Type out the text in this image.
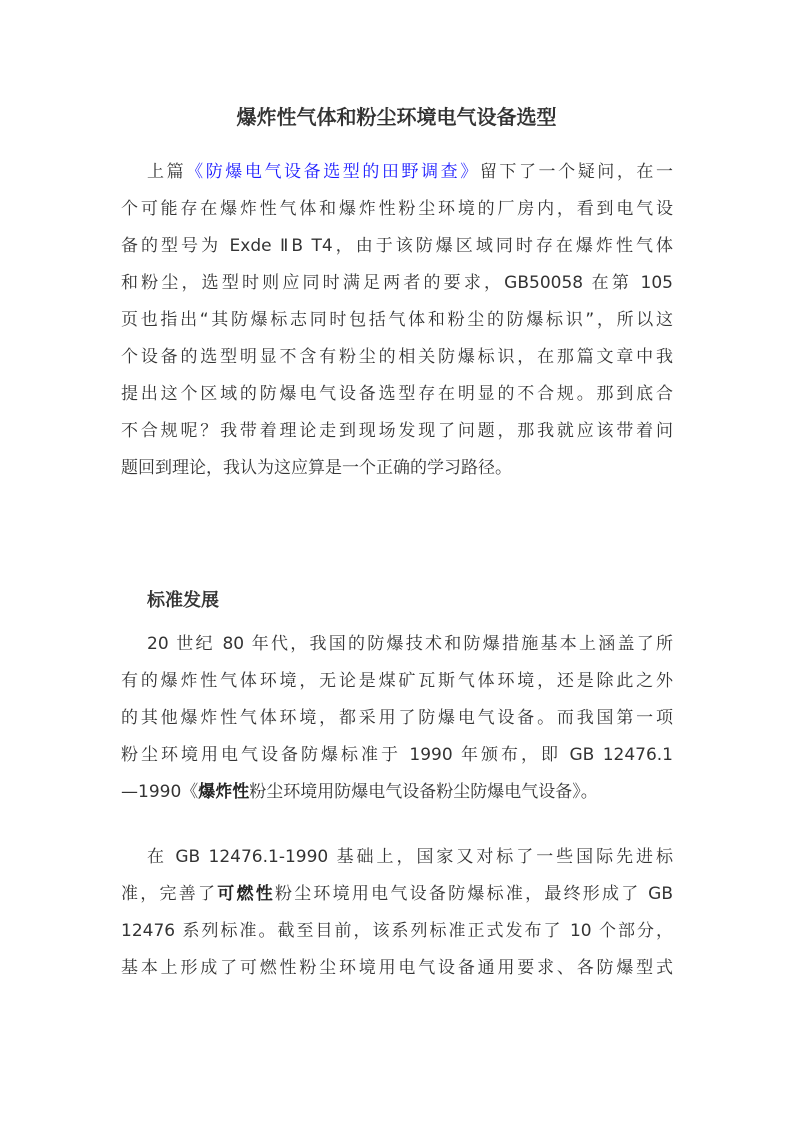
爆炸性气体和粉尘环境电气设备选型
上篇《防爆电气设备选型的田野调查》留下了一个疑问，在一
个可能存在爆炸性气体和爆炸性粉尘环境的厂房内，看到电气设
备的型号为 Exde ⅡB T4，由于该防爆区域同时存在爆炸性气体
和粉尘，选型时则应同时满足两者的要求，GB50058 在第 105
页也指出“其防爆标志同时包括气体和粉尘的防爆标识”，所以这
个设备的选型明显不含有粉尘的相关防爆标识，在那篇文章中我
提出这个区域的防爆电气设备选型存在明显的不合规。那到底合
不合规呢？我带着理论走到现场发现了问题，那我就应该带着问
题回到理论，我认为这应算是一个正确的学习路径。
标准发展
20 世纪 80 年代，我国的防爆技术和防爆措施基本上涵盖了所
有的爆炸性气体环境，无论是煤矿瓦斯气体环境，还是除此之外
的其他爆炸性气体环境，都采用了防爆电气设备。而我国第一项
粉尘环境用电气设备防爆标准于 1990 年颁布，即 GB 12476.1
—1990《爆炸性粉尘环境用防爆电气设备粉尘防爆电气设备》。
在 GB 12476.1-1990 基础上，国家又对标了一些国际先进标
准，完善了可燃性粉尘环境用电气设备防爆标准，最终形成了 GB
12476 系列标准。截至目前，该系列标准正式发布了 10 个部分，
基本上形成了可燃性粉尘环境用电气设备通用要求、各防爆型式
